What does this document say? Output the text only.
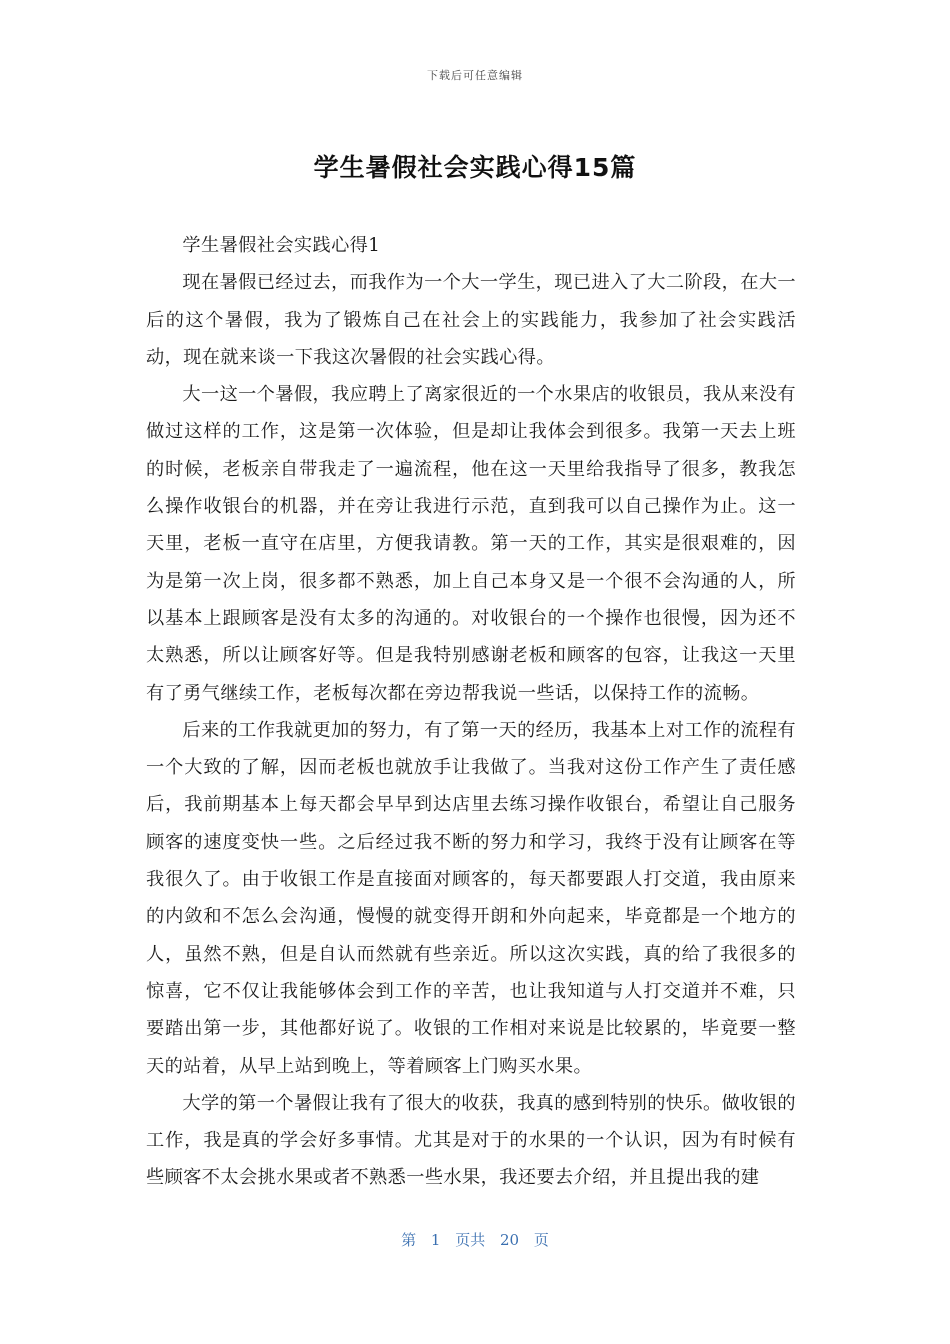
下载后可任意编辑
学生暑假社会实践心得15篇

学生暑假社会实践心得1

现在暑假已经过去，而我作为一个大一学生，现已进入了大二阶段，在大一后的这个暑假，我为了锻炼自己在社会上的实践能力，我参加了社会实践活动，现在就来谈一下我这次暑假的社会实践心得。

大一这一个暑假，我应聘上了离家很近的一个水果店的收银员，我从来没有做过这样的工作，这是第一次体验，但是却让我体会到很多。我第一天去上班的时候，老板亲自带我走了一遍流程，他在这一天里给我指导了很多，教我怎么操作收银台的机器，并在旁让我进行示范，直到我可以自己操作为止。这一天里，老板一直守在店里，方便我请教。第一天的工作，其实是很艰难的，因为是第一次上岗，很多都不熟悉，加上自己本身又是一个很不会沟通的人，所以基本上跟顾客是没有太多的沟通的。对收银台的一个操作也很慢，因为还不太熟悉，所以让顾客好等。但是我特别感谢老板和顾客的包容，让我这一天里有了勇气继续工作，老板每次都在旁边帮我说一些话，以保持工作的流畅。

后来的工作我就更加的努力，有了第一天的经历，我基本上对工作的流程有一个大致的了解，因而老板也就放手让我做了。当我对这份工作产生了责任感后，我前期基本上每天都会早早到达店里去练习操作收银台，希望让自己服务顾客的速度变快一些。之后经过我不断的努力和学习，我终于没有让顾客在等我很久了。由于收银工作是直接面对顾客的，每天都要跟人打交道，我由原来的内敛和不怎么会沟通，慢慢的就变得开朗和外向起来，毕竟都是一个地方的人，虽然不熟，但是自认而然就有些亲近。所以这次实践，真的给了我很多的惊喜，它不仅让我能够体会到工作的辛苦，也让我知道与人打交道并不难，只要踏出第一步，其他都好说了。收银的工作相对来说是比较累的，毕竟要一整天的站着，从早上站到晚上，等着顾客上门购买水果。

大学的第一个暑假让我有了很大的收获，我真的感到特别的快乐。做收银的工作，我是真的学会好多事情。尤其是对于的水果的一个认识，因为有时候有些顾客不太会挑水果或者不熟悉一些水果，我还要去介绍，并且提出我的建

第 1 页共 20 页
